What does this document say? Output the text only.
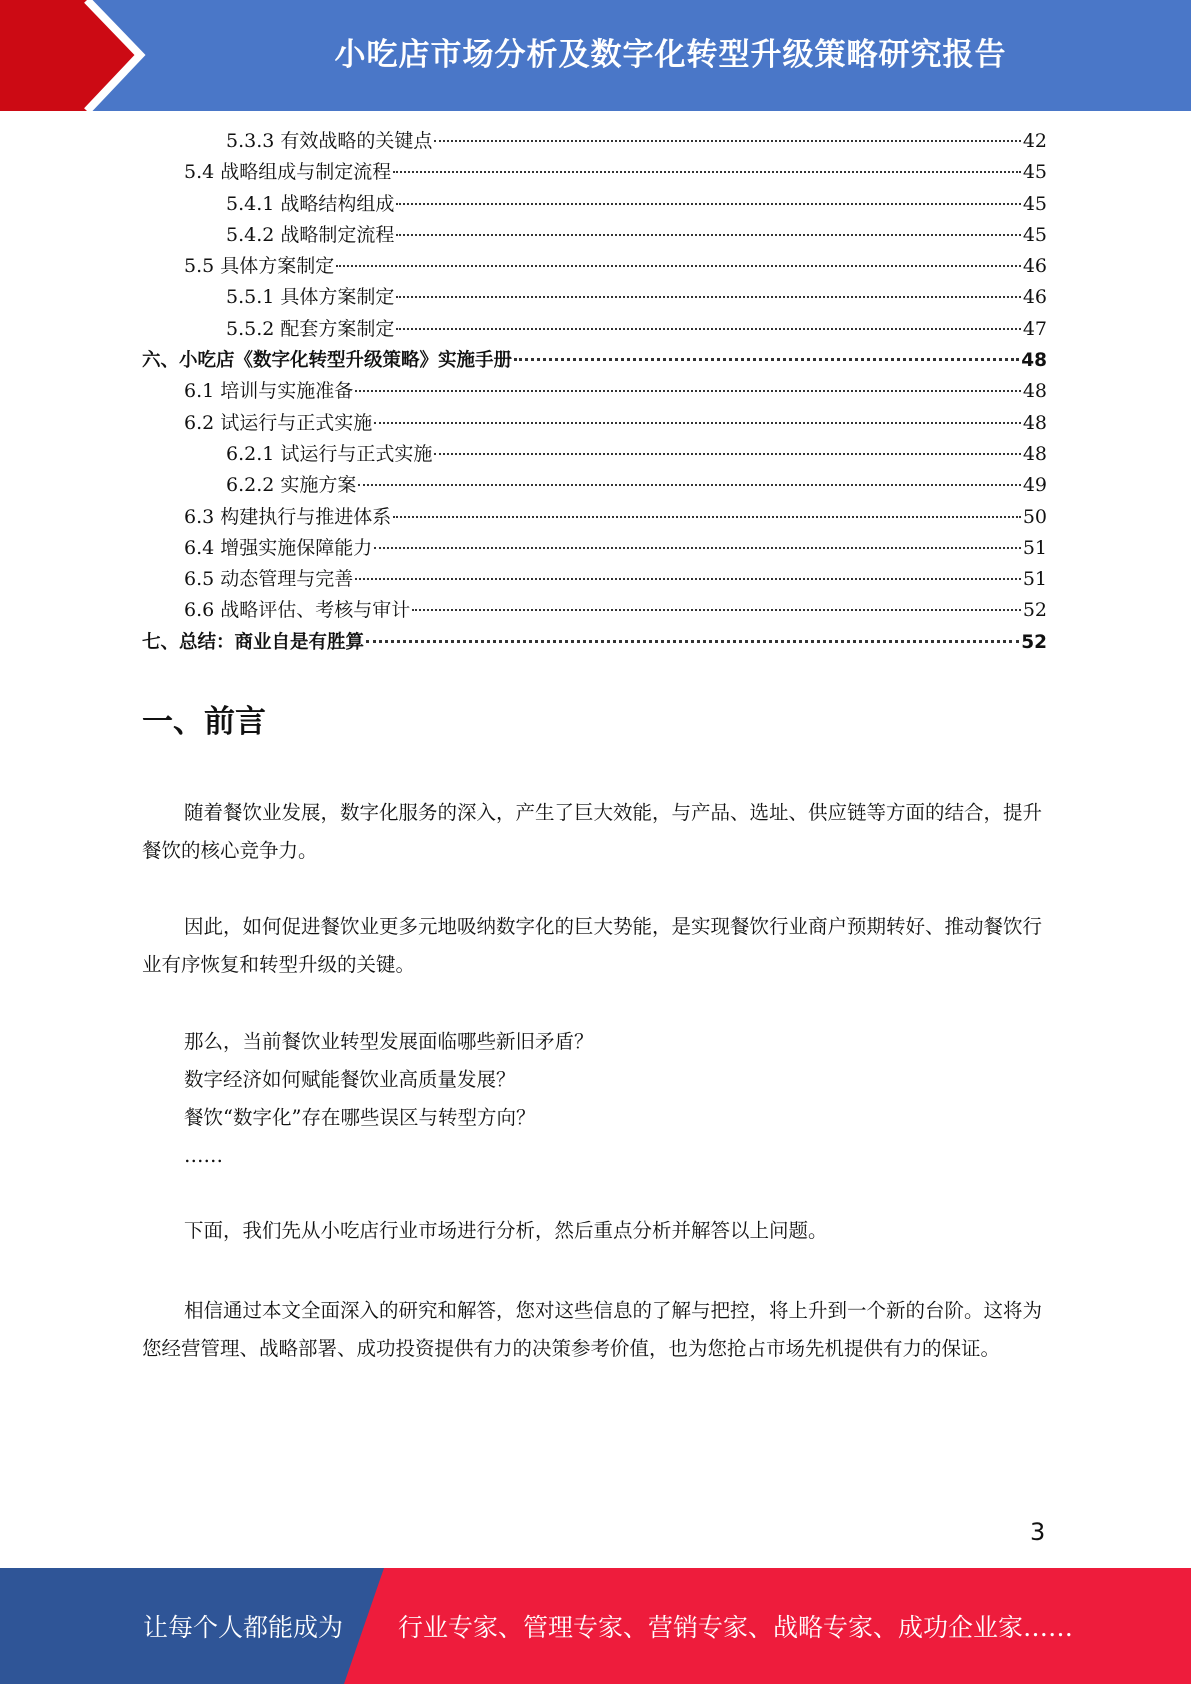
小吃店市场分析及数字化转型升级策略研究报告
5.3.3 有效战略的关键点	42
5.4 战略组成与制定流程	45
5.4.1 战略结构组成	45
5.4.2 战略制定流程	45
5.5 具体方案制定	46
5.5.1 具体方案制定	46
5.5.2 配套方案制定	47
六、小吃店《数字化转型升级策略》实施手册	48
6.1 培训与实施准备	48
6.2 试运行与正式实施	48
6.2.1 试运行与正式实施	48
6.2.2 实施方案	49
6.3 构建执行与推进体系	50
6.4 增强实施保障能力	51
6.5 动态管理与完善	51
6.6 战略评估、考核与审计	52
七、总结：商业自是有胜算	52
一、前言
随着餐饮业发展，数字化服务的深入，产生了巨大效能，与产品、选址、供应链等方面的结合，提升餐饮的核心竞争力。
因此，如何促进餐饮业更多元地吸纳数字化的巨大势能，是实现餐饮行业商户预期转好、推动餐饮行业有序恢复和转型升级的关键。
那么，当前餐饮业转型发展面临哪些新旧矛盾？
数字经济如何赋能餐饮业高质量发展？
餐饮“数字化”存在哪些误区与转型方向？
……
下面，我们先从小吃店行业市场进行分析，然后重点分析并解答以上问题。
相信通过本文全面深入的研究和解答，您对这些信息的了解与把控，将上升到一个新的台阶。这将为您经营管理、战略部署、成功投资提供有力的决策参考价值，也为您抢占市场先机提供有力的保证。
3
让每个人都能成为 行业专家、管理专家、营销专家、战略专家、成功企业家……
